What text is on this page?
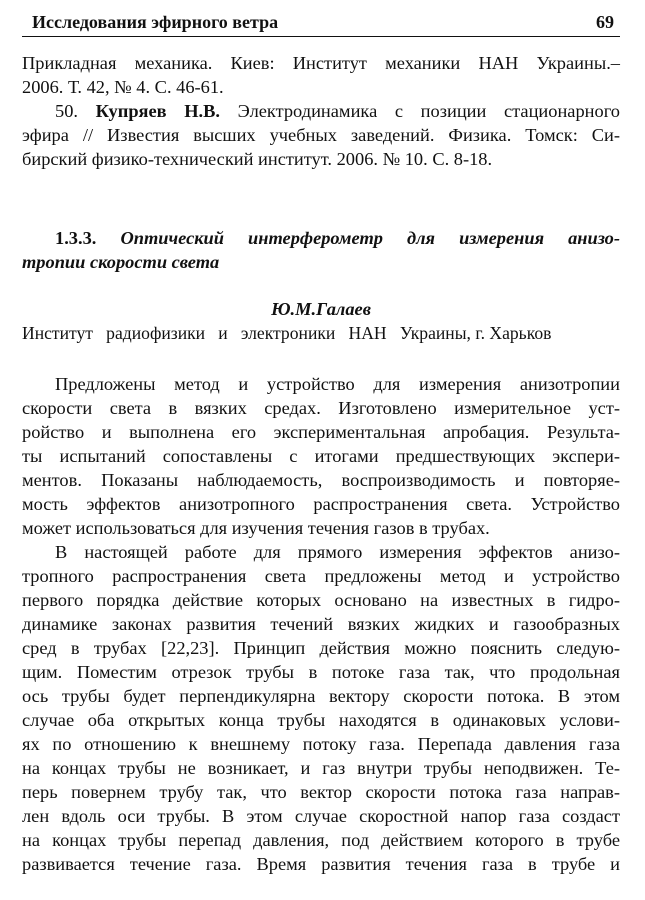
Исследования эфирного ветра	69
Прикладная механика. Киев: Институт механики НАН Украины.–
2006. Т. 42, № 4. С. 46-61.
50. Купряев Н.В. Электродинамика с позиции стационарного
эфира // Известия высших учебных заведений. Физика. Томск: Си-
бирский физико-технический институт. 2006. № 10. С. 8-18.
1.3.3. Оптический интерферометр для измерения анизо-
тропии скорости света
Ю.М.Галаев
Институт   радиофизики   и   электроники   НАН   Украины, г. Харьков
Предложены метод и устройство для измерения анизотропии
скорости света в вязких средах. Изготовлено измерительное уст-
ройство и выполнена его экспериментальная апробация. Результа-
ты испытаний сопоставлены с итогами предшествующих экспери-
ментов. Показаны наблюдаемость, воспроизводимость и повторяе-
мость эффектов анизотропного распространения света. Устройство
может использоваться для изучения течения газов в трубах.
В настоящей работе для прямого измерения эффектов анизо-
тропного распространения света предложены метод и устройство
первого порядка действие которых основано на известных в гидро-
динамике законах развития течений вязких жидких и газообразных
сред в трубах [22,23]. Принцип действия можно пояснить следую-
щим. Поместим отрезок трубы в потоке газа так, что продольная
ось трубы будет перпендикулярна вектору скорости потока. В этом
случае оба открытых конца трубы находятся в одинаковых услови-
ях по отношению к внешнему потоку газа. Перепада давления газа
на концах трубы не возникает, и газ внутри трубы неподвижен. Те-
перь повернем трубу так, что вектор скорости потока газа направ-
лен вдоль оси трубы. В этом случае скоростной напор газа создаст
на концах трубы перепад давления, под действием которого в трубе
развивается течение газа. Время развития течения газа в трубе и
